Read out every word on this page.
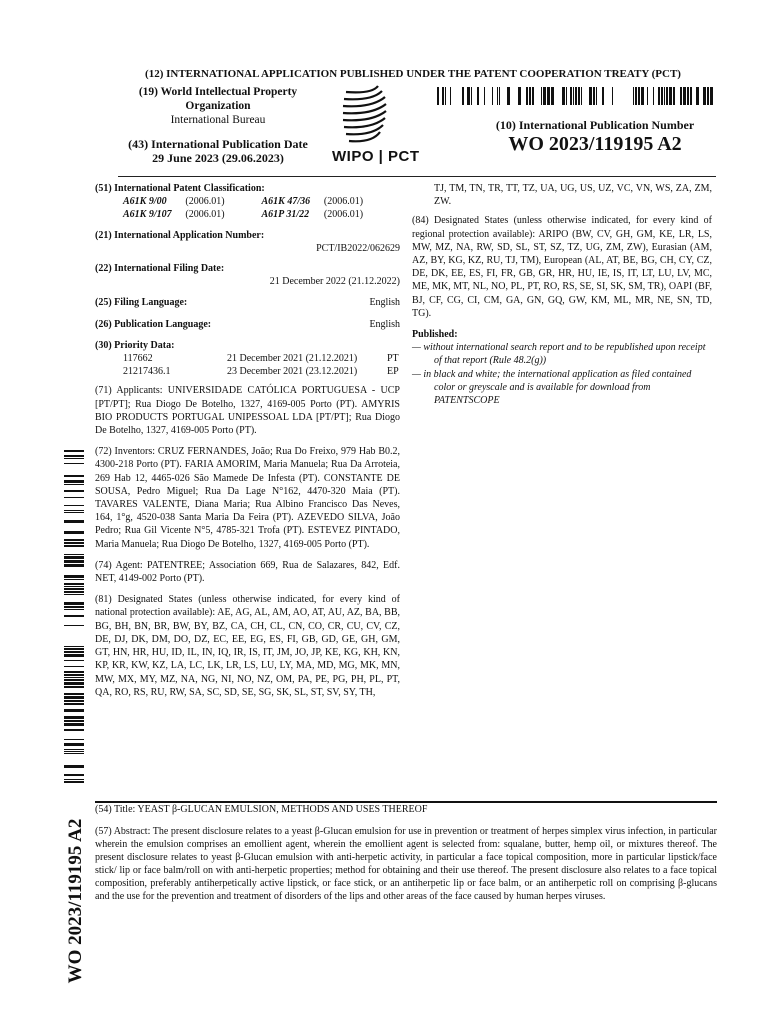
(12) INTERNATIONAL APPLICATION PUBLISHED UNDER THE PATENT COOPERATION TREATY (PCT)
(19) World Intellectual Property
Organization
International Bureau
(43) International Publication Date
29 June 2023 (29.06.2023)	WIPO | PCT
(10) International Publication Number
WO 2023/119195 A2
(51) International Patent Classification:
A61K 9/00	(2006.01)	A61K 47/36	(2006.01)
A61K 9/107	(2006.01)	A61P 31/22	(2006.01)
(21) International Application Number:
PCT/IB2022/062629
(22) International Filing Date:
21 December 2022 (21.12.2022)
(25) Filing Language:	English
(26) Publication Language:	English
(30) Priority Data:
117662	21 December 2021 (21.12.2021)	PT
21217436.1	23 December 2021 (23.12.2021)	EP
(71) Applicants: UNIVERSIDADE CATÓLICA PORTUGUESA - UCP [PT/PT]; Rua Diogo De Botelho, 1327, 4169-005 Porto (PT). AMYRIS BIO PRODUCTS PORTUGAL UNIPESSOAL LDA [PT/PT]; Rua Diogo De Botelho, 1327, 4169-005 Porto (PT).
(72) Inventors: CRUZ FERNANDES, João; Rua Do Freixo, 979 Hab B0.2, 4300-218 Porto (PT). FARIA AMORIM, Maria Manuela; Rua Da Arroteia, 269 Hab 12, 4465-026 São Mamede De Infesta (PT). CONSTANTE DE SOUSA, Pedro Miguel; Rua Da Lage N°162, 4470-320 Maia (PT). TAVARES VALENTE, Diana Maria; Rua Albino Francisco Das Neves, 164, 1°g, 4520-038 Santa Maria Da Feira (PT). AZEVEDO SILVA, João Pedro; Rua Gil Vicente N°5, 4785-321 Trofa (PT). ESTEVEZ PINTADO, Maria Manuela; Rua Diogo De Botelho, 1327, 4169-005 Porto (PT).
(74) Agent: PATENTREE; Association 669, Rua de Salazares, 842, Edf. NET, 4149-002 Porto (PT).
(81) Designated States (unless otherwise indicated, for every kind of national protection available): AE, AG, AL, AM, AO, AT, AU, AZ, BA, BB, BG, BH, BN, BR, BW, BY, BZ, CA, CH, CL, CN, CO, CR, CU, CV, CZ, DE, DJ, DK, DM, DO, DZ, EC, EE, EG, ES, FI, GB, GD, GE, GH, GM, GT, HN, HR, HU, ID, IL, IN, IQ, IR, IS, IT, JM, JO, JP, KE, KG, KH, KN, KP, KR, KW, KZ, LA, LC, LK, LR, LS, LU, LY, MA, MD, MG, MK, MN, MW, MX, MY, MZ, NA, NG, NI, NO, NZ, OM, PA, PE, PG, PH, PL, PT, QA, RO, RS, RU, RW, SA, SC, SD, SE, SG, SK, SL, ST, SV, SY, TH,
TJ, TM, TN, TR, TT, TZ, UA, UG, US, UZ, VC, VN, WS, ZA, ZM, ZW.
(84) Designated States (unless otherwise indicated, for every kind of regional protection available): ARIPO (BW, CV, GH, GM, KE, LR, LS, MW, MZ, NA, RW, SD, SL, ST, SZ, TZ, UG, ZM, ZW), Eurasian (AM, AZ, BY, KG, KZ, RU, TJ, TM), European (AL, AT, BE, BG, CH, CY, CZ, DE, DK, EE, ES, FI, FR, GB, GR, HR, HU, IE, IS, IT, LT, LU, LV, MC, ME, MK, MT, NL, NO, PL, PT, RO, RS, SE, SI, SK, SM, TR), OAPI (BF, BJ, CF, CG, CI, CM, GA, GN, GQ, GW, KM, ML, MR, NE, SN, TD, TG).
Published:
— without international search report and to be republished upon receipt of that report (Rule 48.2(g))
— in black and white; the international application as filed contained color or greyscale and is available for download from PATENTSCOPE
WO 2023/119195 A2
(54) Title: YEAST β-GLUCAN EMULSION, METHODS AND USES THEREOF
(57) Abstract: The present disclosure relates to a yeast β-Glucan emulsion for use in prevention or treatment of herpes simplex virus infection, in particular wherein the emulsion comprises an emollient agent, wherein the emollient agent is selected from: squalane, butter, hemp oil, or mixtures thereof. The present disclosure relates to yeast β-Glucan emulsion with anti-herpetic activity, in particular a face topical composition, more in particular lipstick/face stick/ lip or face balm/roll on with anti-herpetic properties; method for obtaining and their use thereof. The present disclosure also relates to a face topical composition, preferably antiherpetically active lipstick, or face stick, or an antiherpetic lip or face balm, or an antiherpetic roll on comprising β-glucans and the use for the prevention and treatment of disorders of the lips and other areas of the face caused by human herpes viruses.
